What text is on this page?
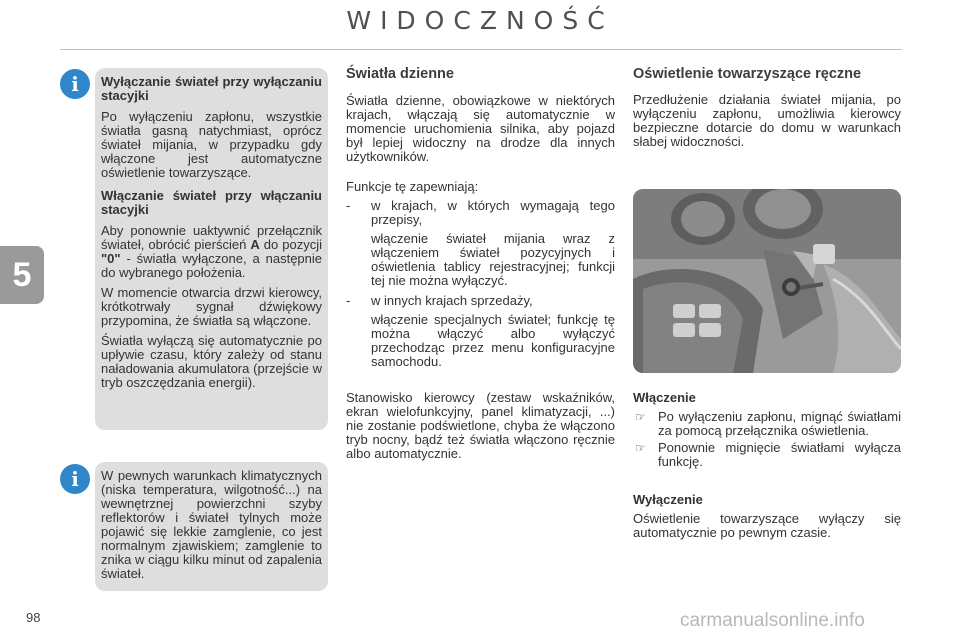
WIDOCZNOŚĆ
5
i	Wyłączanie świateł przy wyłączaniu stacyjki

Po wyłączeniu zapłonu, wszystkie światła gasną natychmiast, oprócz świateł mijania, w przypadku gdy włączone jest automatyczne oświetlenie towarzyszące.

Włączanie świateł przy włączaniu stacyjki

Aby ponownie uaktywnić przełącznik świateł, obrócić pierścień A do pozycji "0" - światła wyłączone, a następnie do wybranego położenia.

W momencie otwarcia drzwi kierowcy, krótkotrwały sygnał dźwiękowy przypomina, że światła są włączone.

Światła wyłączą się automatycznie po upływie czasu, który zależy od stanu naładowania akumulatora (przejście w tryb oszczędzania energii).

i	W pewnych warunkach klimatycznych (niska temperatura, wilgotność...) na wewnętrznej powierzchni szyby reflektorów i świateł tylnych może pojawić się lekkie zamglenie, co jest normalnym zjawiskiem; zamglenie to znika w ciągu kilku minut od zapalenia świateł.

Światła dzienne

Światła dzienne, obowiązkowe w niektórych krajach, włączają się automatycznie w momencie uruchomienia silnika, aby pojazd był lepiej widoczny na drodze dla innych użytkowników.

Funkcje tę zapewniają:

- w krajach, w których wymagają tego przepisy,

włączenie świateł mijania wraz z włączeniem świateł pozycyjnych i oświetlenia tablicy rejestracyjnej; funkcji tej nie można wyłączyć.

- w innych krajach sprzedaży,

włączenie specjalnych świateł; funkcję tę można włączyć albo wyłączyć przechodząc przez menu konfiguracyjne samochodu.

Stanowisko kierowcy (zestaw wskaźników, ekran wielofunkcyjny, panel klimatyzacji, ...) nie zostanie podświetlone, chyba że włączono tryb nocny, bądź też światła włączono ręcznie albo automatycznie.
Oświetlenie towarzyszące ręczne

Przedłużenie działania świateł mijania, po wyłączeniu zapłonu, umożliwia kierowcy bezpieczne dotarcie do domu w warunkach słabej widoczności.

Włączenie
☞ Po wyłączeniu zapłonu, mignąć światłami za pomocą przełącznika oświetlenia.
☞ Ponownie mignięcie światłami wyłącza funkcję.
Wyłączenie

Oświetlenie towarzyszące wyłączy się automatycznie po pewnym czasie.

98	carmanualsonline.info
